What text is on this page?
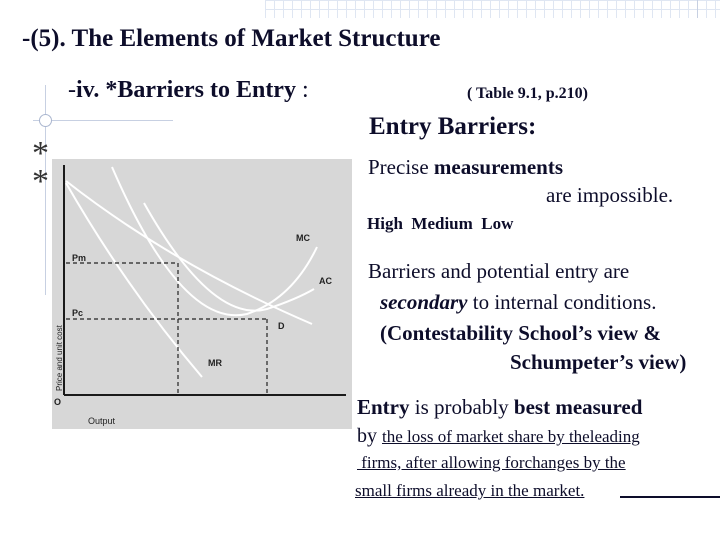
-(5). The Elements of Market Structure
-iv. *Barriers to Entry :
*
*
( Table 9.1, p.210)
Entry Barriers:
Precise measurements
are impossible.
High  Medium  Low
Barriers and potential entry are
secondary to internal conditions.
(Contestability School’s view &
Schumpeter’s view)
Entry is probably best measured
by the loss of market share by theleading
firms, after allowing forchanges by the
small firms already in the market.
MC
AC
D
MR
Pm
Pc
O
Output
Price and unit cost
